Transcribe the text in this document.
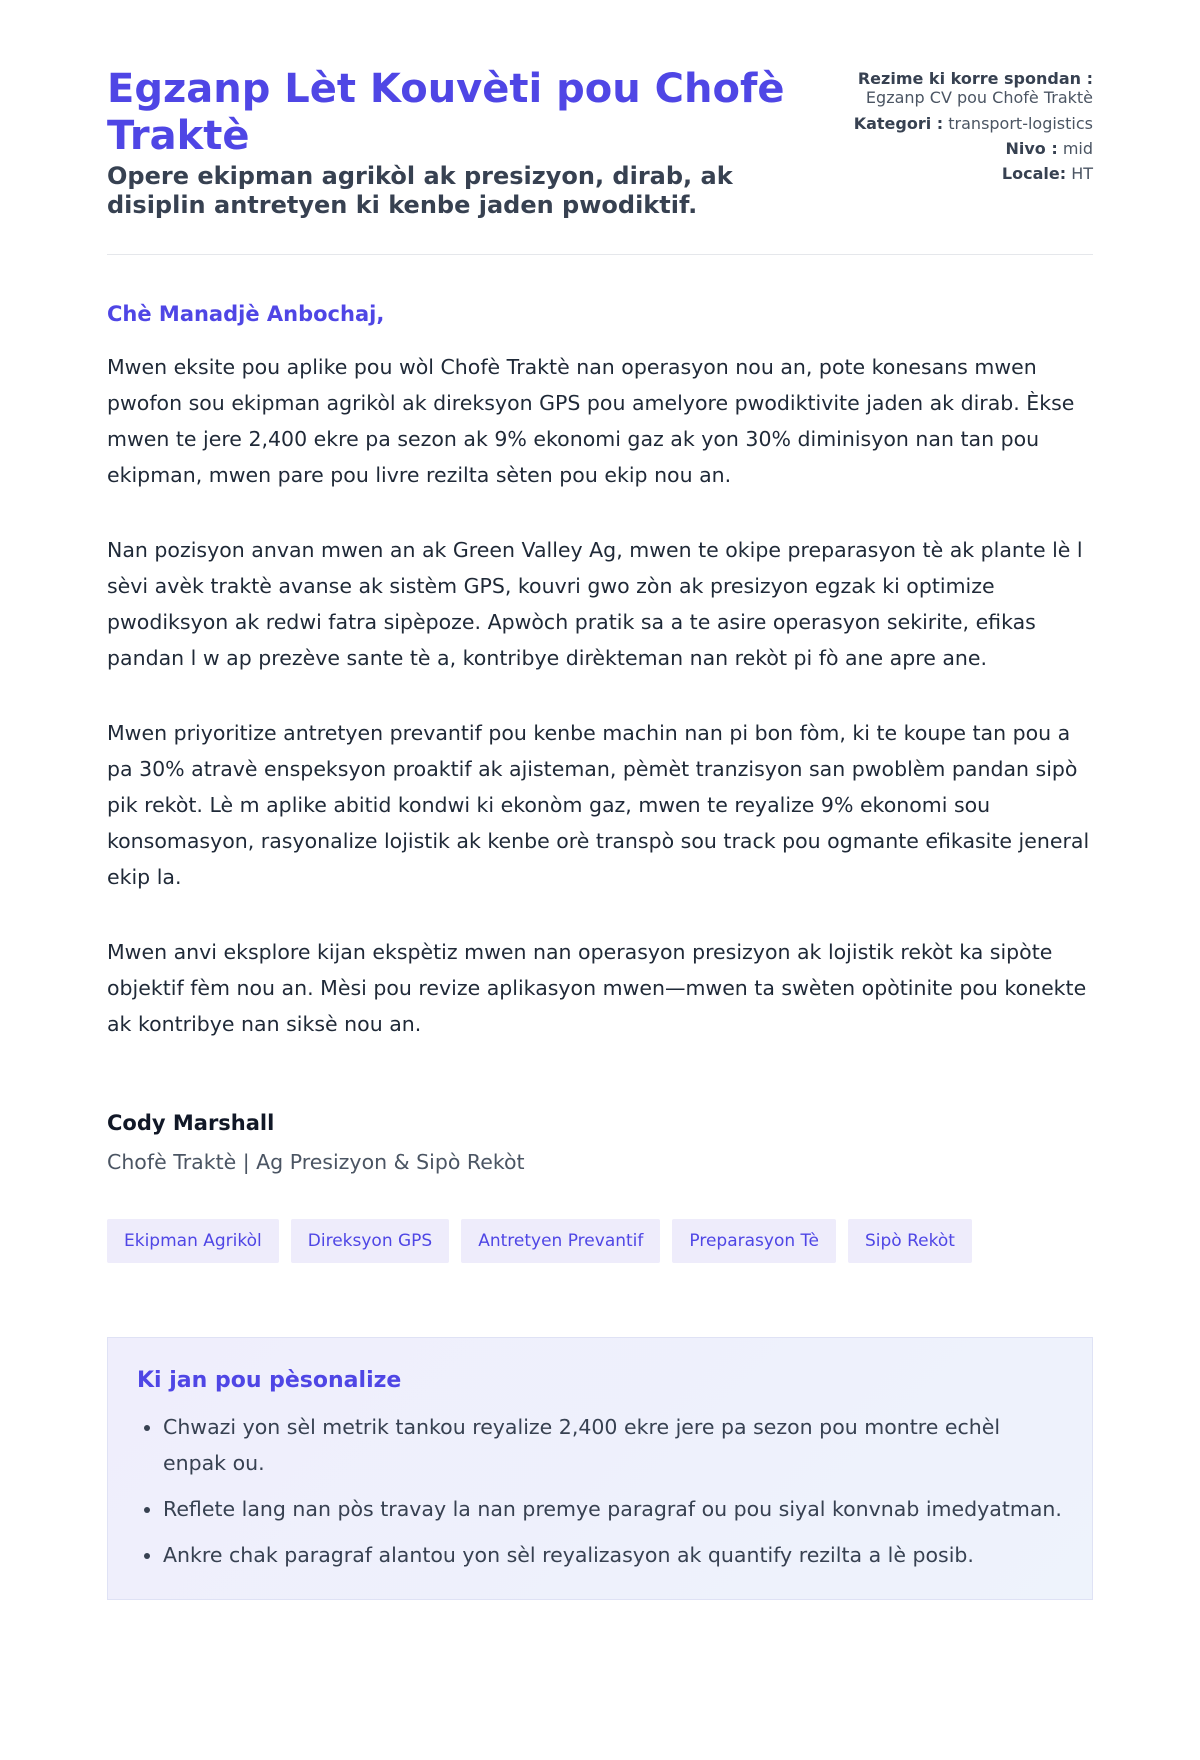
Egzanp Lèt Kouvèti pou Chofè Traktè

Opere ekipman agrikòl ak presizyon, dirab, ak disiplin antretyen ki kenbe jaden pwodiktif.

Rezime ki korre spondan :
Egzanp CV pou Chofè Traktè
Kategori : transport-logistics
Nivo : mid
Locale: HT

Chè Manadjè Anbochaj,

Mwen eksite pou aplike pou wòl Chofè Traktè nan operasyon nou an, pote konesans mwen pwofon sou ekipman agrikòl ak direksyon GPS pou amelyore pwodiktivite jaden ak dirab. Èkse mwen te jere 2,400 ekre pa sezon ak 9% ekonomi gaz ak yon 30% diminisyon nan tan pou ekipman, mwen pare pou livre rezilta sèten pou ekip nou an.

Nan pozisyon anvan mwen an ak Green Valley Ag, mwen te okipe preparasyon tè ak plante lè l sèvi avèk traktè avanse ak sistèm GPS, kouvri gwo zòn ak presizyon egzak ki optimize pwodiksyon ak redwi fatra sipèpoze. Apwòch pratik sa a te asire operasyon sekirite, efikas pandan l w ap prezève sante tè a, kontribye dirèkteman nan rekòt pi fò ane apre ane.

Mwen priyoritize antretyen prevantif pou kenbe machin nan pi bon fòm, ki te koupe tan pou a pa 30% atravè enspeksyon proaktif ak ajisteman, pèmèt tranzisyon san pwoblèm pandan sipò pik rekòt. Lè m aplike abitid kondwi ki ekonòm gaz, mwen te reyalize 9% ekonomi sou konsomasyon, rasyonalize lojistik ak kenbe orè transpò sou track pou ogmante efikasite jeneral ekip la.

Mwen anvi eksplore kijan ekspètiz mwen nan operasyon presizyon ak lojistik rekòt ka sipòte objektif fèm nou an. Mèsi pou revize aplikasyon mwen—mwen ta swèten opòtinite pou konekte ak kontribye nan siksè nou an.

Cody Marshall

Chofè Traktè | Ag Presizyon & Sipò Rekòt

Ekipman Agrikòl	Direksyon GPS	Antretyen Prevantif	Preparasyon Tè	Sipò Rekòt
Ki jan pou pèsonalize
• Chwazi yon sèl metrik tankou reyalize 2,400 ekre jere pa sezon pou montre echèl enpak ou.
• Reflete lang nan pòs travay la nan premye paragraf ou pou siyal konvnab imedyatman.
• Ankre chak paragraf alantou yon sèl reyalizasyon ak quantify rezilta a lè posib.
